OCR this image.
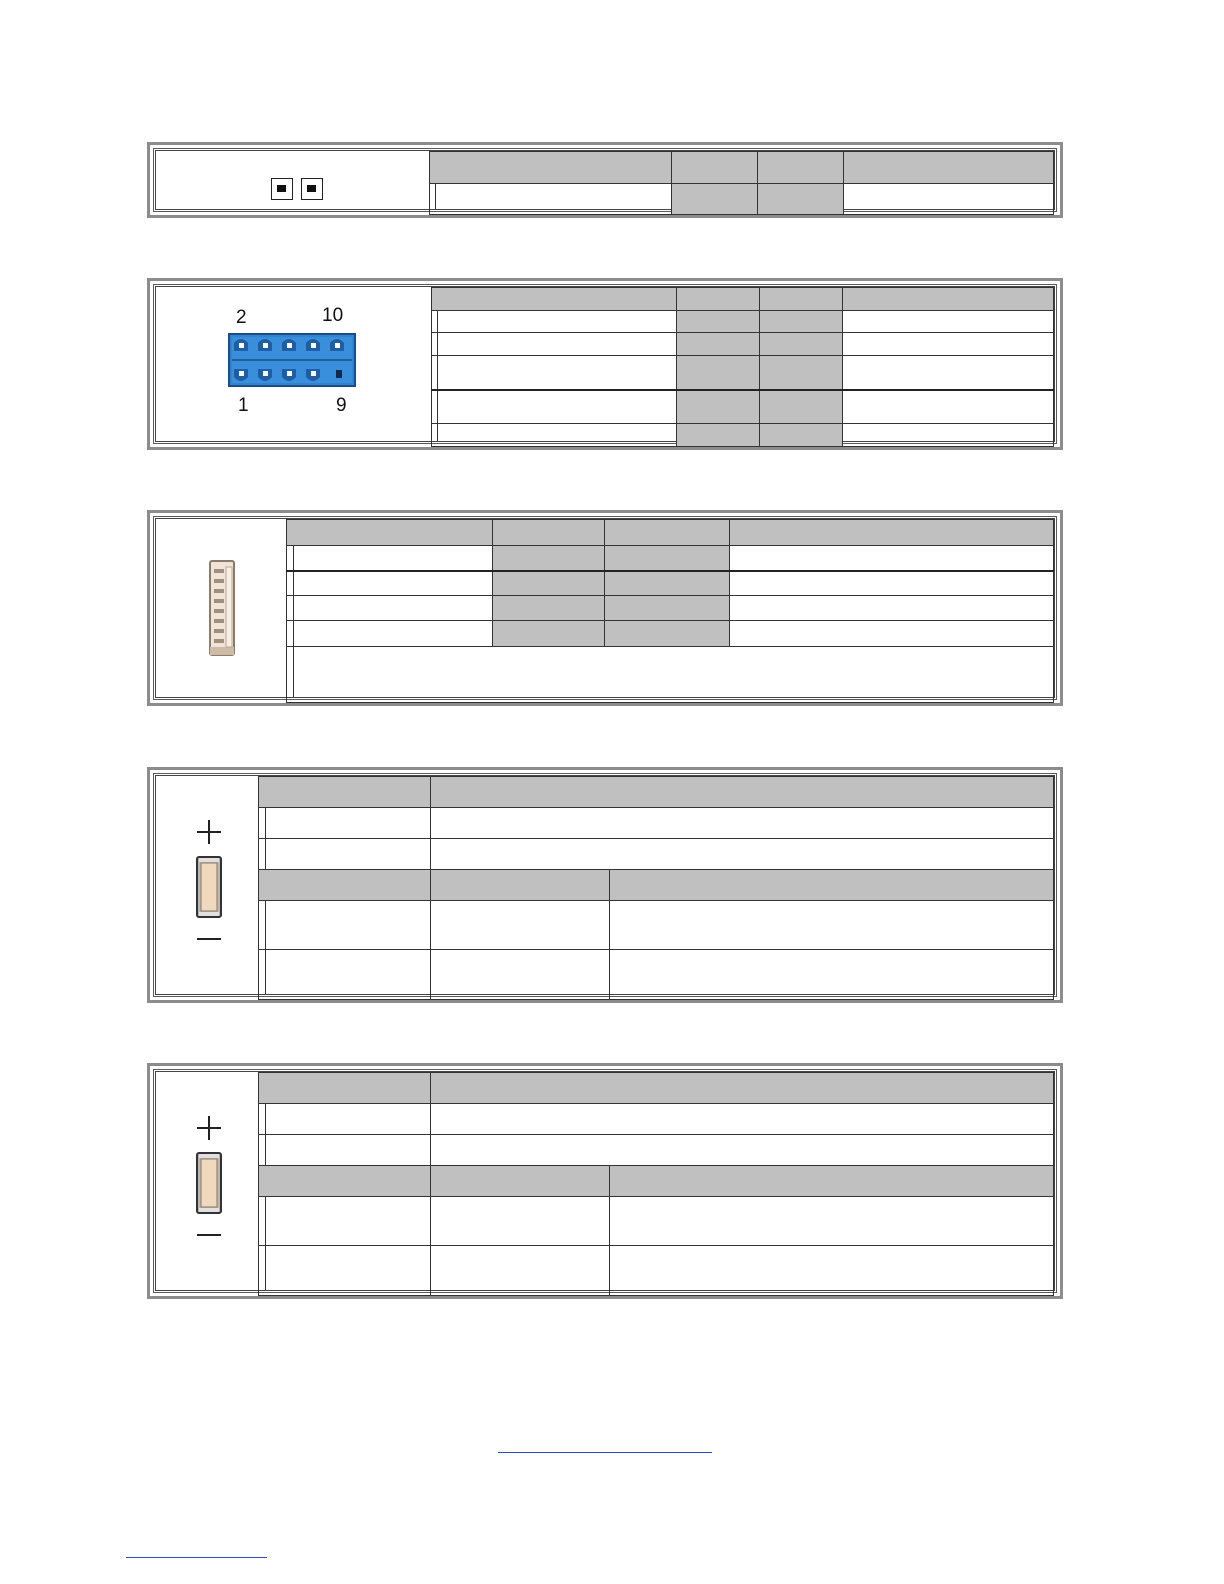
2	10
1	9
